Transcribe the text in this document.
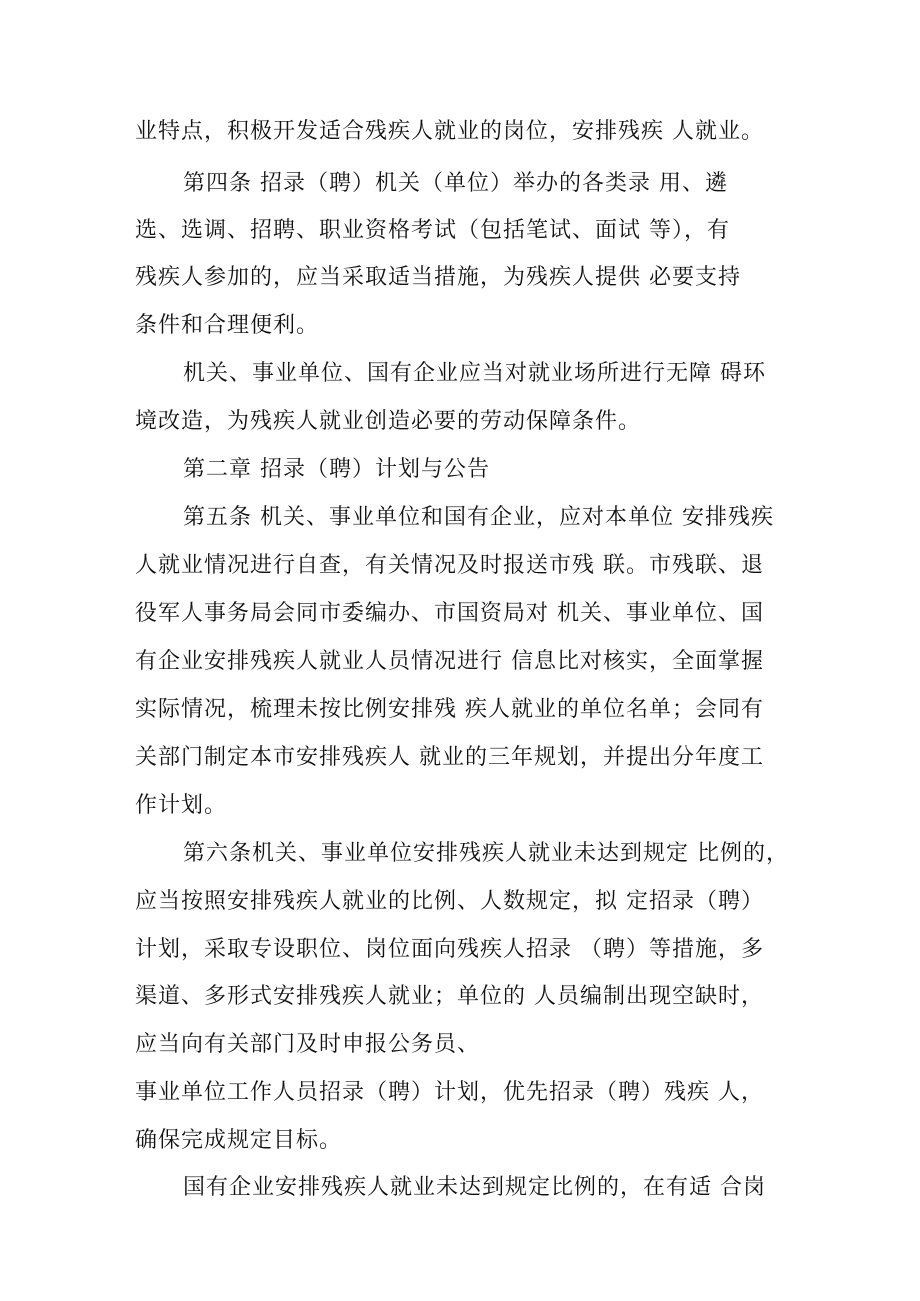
业特点，积极开发适合残疾人就业的岗位，安排残疾 人就业。
第四条 招录（聘）机关（单位）举办的各类录 用、遴
选、选调、招聘、职业资格考试（包括笔试、面试 等），有
残疾人参加的，应当采取适当措施，为残疾人提供 必要支持
条件和合理便利。
机关、事业单位、国有企业应当对就业场所进行无障 碍环
境改造，为残疾人就业创造必要的劳动保障条件。
第二章 招录（聘）计划与公告
第五条 机关、事业单位和国有企业，应对本单位 安排残疾
人就业情况进行自查，有关情况及时报送市残 联。市残联、退
役军人事务局会同市委编办、市国资局对 机关、事业单位、国
有企业安排残疾人就业人员情况进行 信息比对核实，全面掌握
实际情况，梳理未按比例安排残 疾人就业的单位名单；会同有
关部门制定本市安排残疾人 就业的三年规划，并提出分年度工
作计划。
第六条机关、事业单位安排残疾人就业未达到规定 比例的，
应当按照安排残疾人就业的比例、人数规定，拟 定招录（聘）
计划，采取专设职位、岗位面向残疾人招录 （聘）等措施，多
渠道、多形式安排残疾人就业；单位的 人员编制出现空缺时，
应当向有关部门及时申报公务员、
事业单位工作人员招录（聘）计划，优先招录（聘）残疾 人，
确保完成规定目标。
国有企业安排残疾人就业未达到规定比例的，在有适 合岗
